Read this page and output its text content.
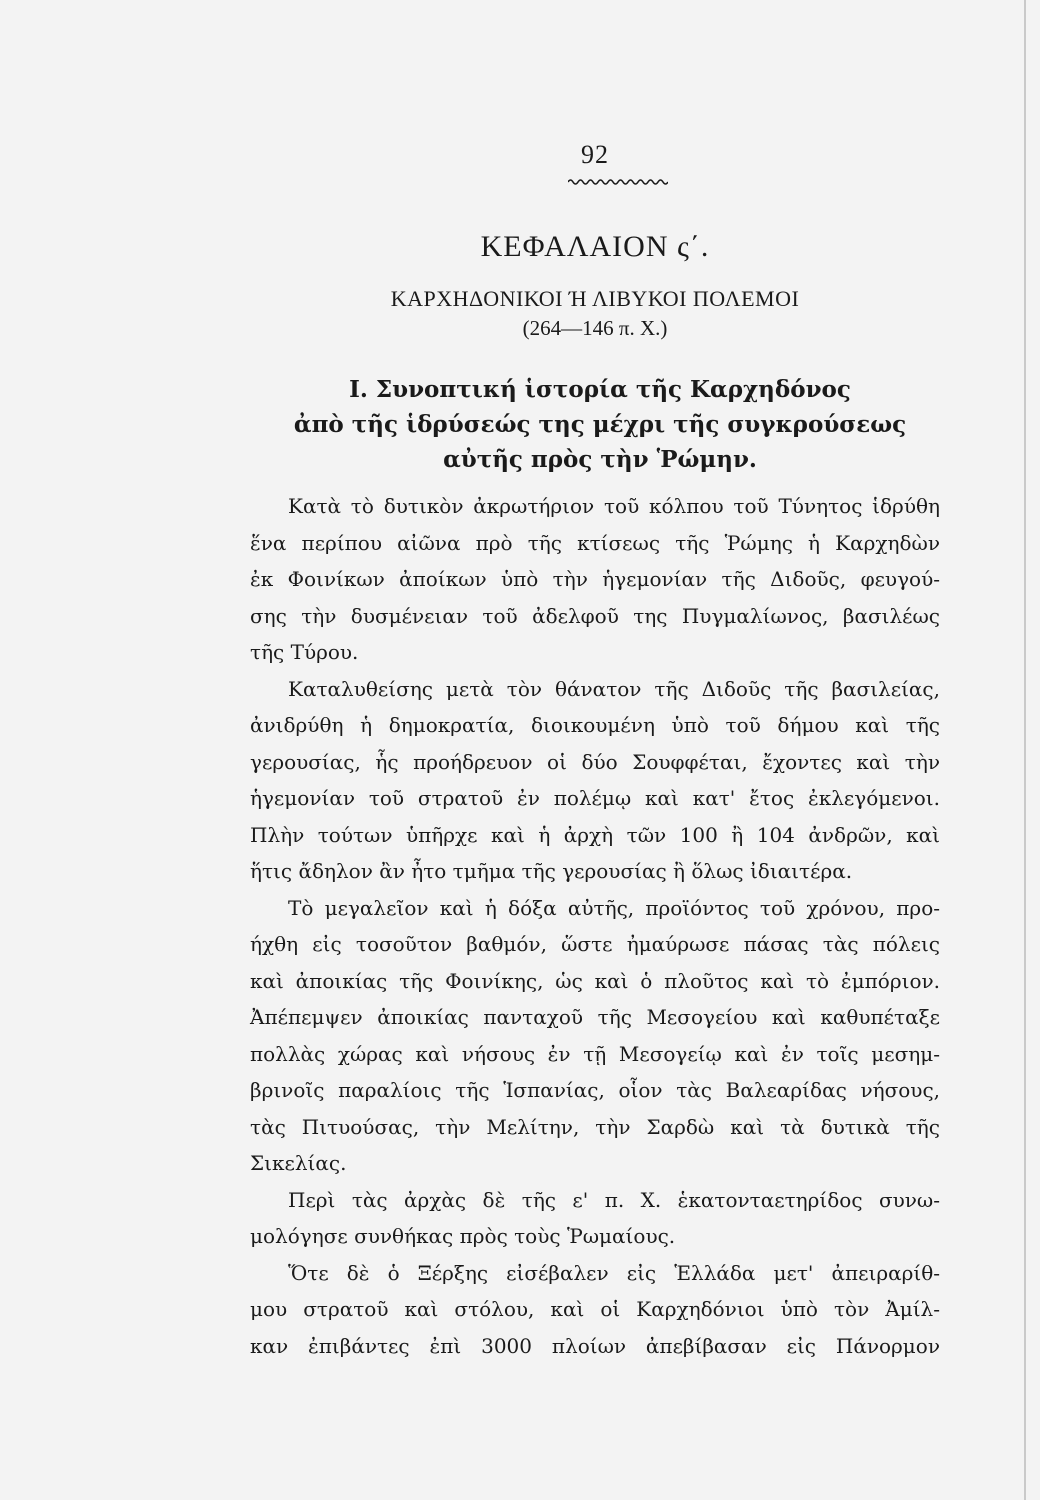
92
ΚΕΦΑΛΑΙΟΝ ς΄.
ΚΑΡΧΗΔΟΝΙΚΟΙ Ή ΛΙΒΥΚΟΙ ΠΟΛΕΜΟΙ
(264—146 π. Χ.)
I. Συνοπτική ἱστορία τῆς Καρχηδόνος
ἀπὸ τῆς ἱδρύσεώς της μέχρι τῆς συγκρούσεως
αὐτῆς πρὸς τὴν Ῥώμην.
Κατὰ τὸ δυτικὸν ἀκρωτήριον τοῦ κόλπου τοῦ Τύνητος ἱδρύθη
ἕνα περίπου αἰῶνα πρὸ τῆς κτίσεως τῆς Ῥώμης ἡ Καρχηδὼν
ἐκ Φοινίκων ἀποίκων ὑπὸ τὴν ἡγεμονίαν τῆς Διδοῦς, φευγού-
σης τὴν δυσμένειαν τοῦ ἀδελφοῦ της Πυγμαλίωνος, βασιλέως
τῆς Τύρου.
Καταλυθείσης μετὰ τὸν θάνατον τῆς Διδοῦς τῆς βασιλείας,
ἀνιδρύθη ἡ δημοκρατία, διοικουμένη ὑπὸ τοῦ δήμου καὶ τῆς
γερουσίας, ἧς προήδρευον οἱ δύο Σουφφέται, ἔχοντες καὶ τὴν
ἡγεμονίαν τοῦ στρατοῦ ἐν πολέμῳ καὶ κατ' ἔτος ἐκλεγόμενοι.
Πλὴν τούτων ὑπῆρχε καὶ ἡ ἀρχὴ τῶν 100 ἢ 104 ἀνδρῶν, καὶ
ἥτις ἄδηλον ἂν ἦτο τμῆμα τῆς γερουσίας ἢ ὅλως ἰδιαιτέρα.
Τὸ μεγαλεῖον καὶ ἡ δόξα αὐτῆς, προϊόντος τοῦ χρόνου, προ-
ήχθη εἰς τοσοῦτον βαθμόν, ὥστε ἠμαύρωσε πάσας τὰς πόλεις
καὶ ἀποικίας τῆς Φοινίκης, ὡς καὶ ὁ πλοῦτος καὶ τὸ ἐμπόριον.
Ἀπέπεμψεν ἀποικίας πανταχοῦ τῆς Μεσογείου καὶ καθυπέταξε
πολλὰς χώρας καὶ νήσους ἐν τῇ Μεσογείῳ καὶ ἐν τοῖς μεσημ-
βρινοῖς παραλίοις τῆς Ἱσπανίας, οἷον τὰς Βαλεαρίδας νήσους,
τὰς Πιτυούσας, τὴν Μελίτην, τὴν Σαρδὼ καὶ τὰ δυτικὰ τῆς
Σικελίας.
Περὶ τὰς ἀρχὰς δὲ τῆς ε' π. Χ. ἑκατονταετηρίδος συνω-
μολόγησε συνθήκας πρὸς τοὺς Ῥωμαίους.
Ὅτε δὲ ὁ Ξέρξης εἰσέβαλεν εἰς Ἑλλάδα μετ' ἀπειραρίθ-
μου στρατοῦ καὶ στόλου, καὶ οἱ Καρχηδόνιοι ὑπὸ τὸν Ἀμίλ-
καν ἐπιβάντες ἐπὶ 3000 πλοίων ἀπεβίβασαν εἰς Πάνορμον
